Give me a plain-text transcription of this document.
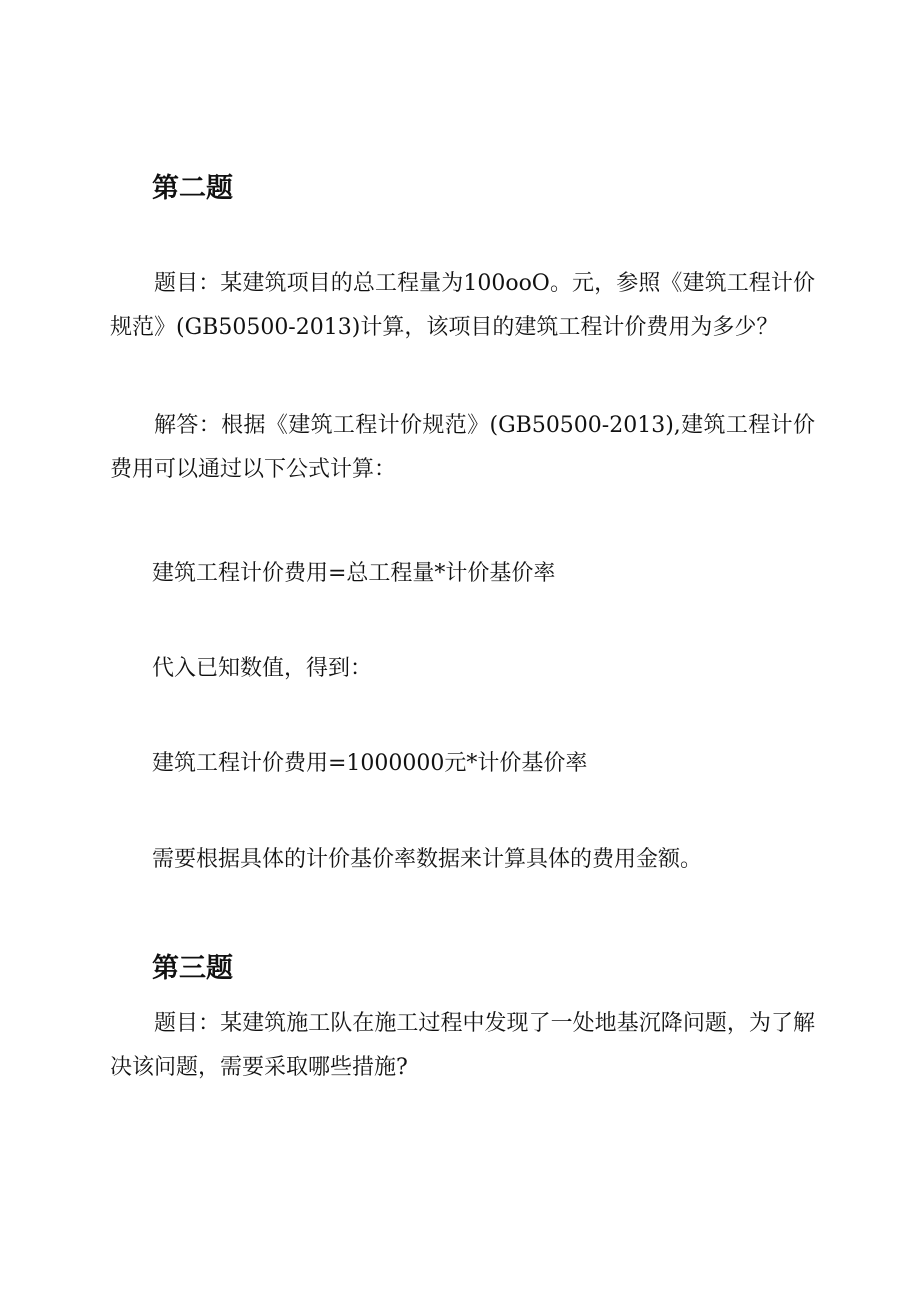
第二题
题目：某建筑项目的总工程量为100ooO。元，参照《建筑工程计价规范》(GB50500-2013)计算，该项目的建筑工程计价费用为多少？
解答：根据《建筑工程计价规范》(GB50500-2013),建筑工程计价费用可以通过以下公式计算：
建筑工程计价费用=总工程量*计价基价率
代入已知数值，得到：
建筑工程计价费用=1000000元*计价基价率
需要根据具体的计价基价率数据来计算具体的费用金额。
第三题
题目：某建筑施工队在施工过程中发现了一处地基沉降问题，为了解决该问题，需要采取哪些措施?
